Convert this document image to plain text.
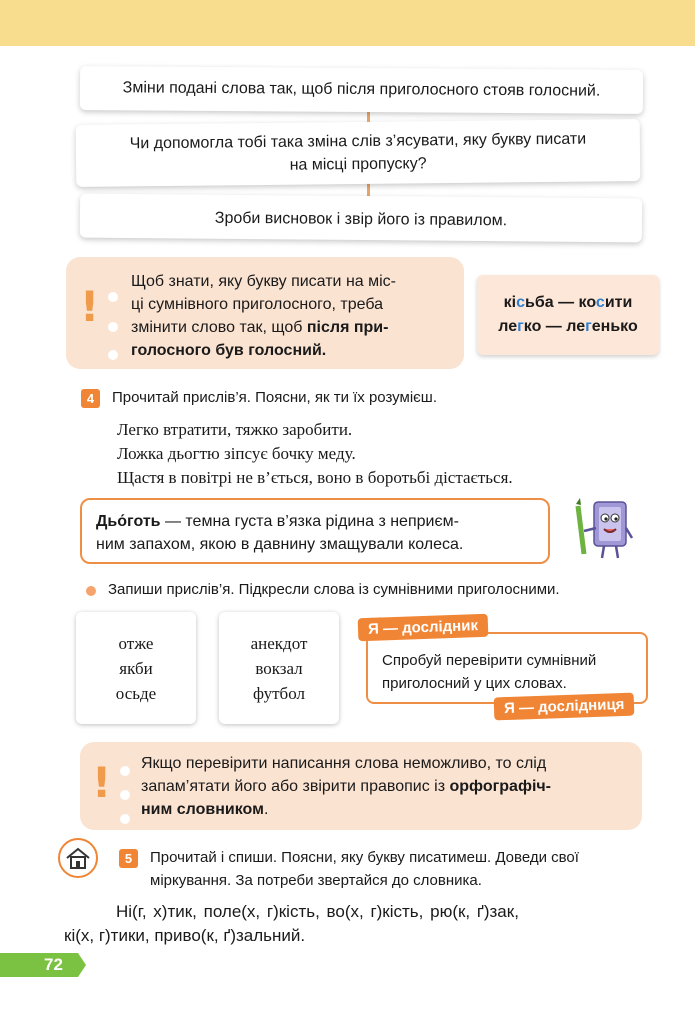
Зміни подані слова так, щоб після приголосного стояв голосний.
Чи допомогла тобі така зміна слів з’ясувати, яку букву писати
на місці пропуску?
Зроби висновок і звір його із правилом.
!
Щоб знати, яку букву писати на міс-
ці сумнівного приголосного, треба
змінити слово так, щоб після при-
голосного був голосний.
кісьба — косити
легко — легенько
4	Прочитай прислів’я. Поясни, як ти їх розумієш.
Легко втратити, тяжко заробити.
Ложка дьогтю зіпсує бочку меду.
Щастя в повітрі не в’ється, воно в боротьбі дістається.
Дьо́готь — темна густа в’язка рідина з неприєм-
ним запахом, якою в давнину змащували колеса.
Запиши прислів’я. Підкресли слова із сумнівними приголосними.
отже
якби
осьде
анекдот
вокзал
футбол
Спробуй перевірити сумнівний
приголосний у цих словах.
Я — дослідник
Я — дослідниця
! Якщо перевірити написання слова неможливо, то слід
запам’ятати його або звірити правопис із орфографіч-
ним словником.
5	Прочитай і спиши. Поясни, яку букву писатимеш. Доведи свої
міркування. За потреби звертайся до словника.
Ні(г, х)тик, поле(х, г)кість, во(х, г)кість, рю(к, ґ)зак,
кі(х, г)тики, приво(к, ґ)зальний.
72
